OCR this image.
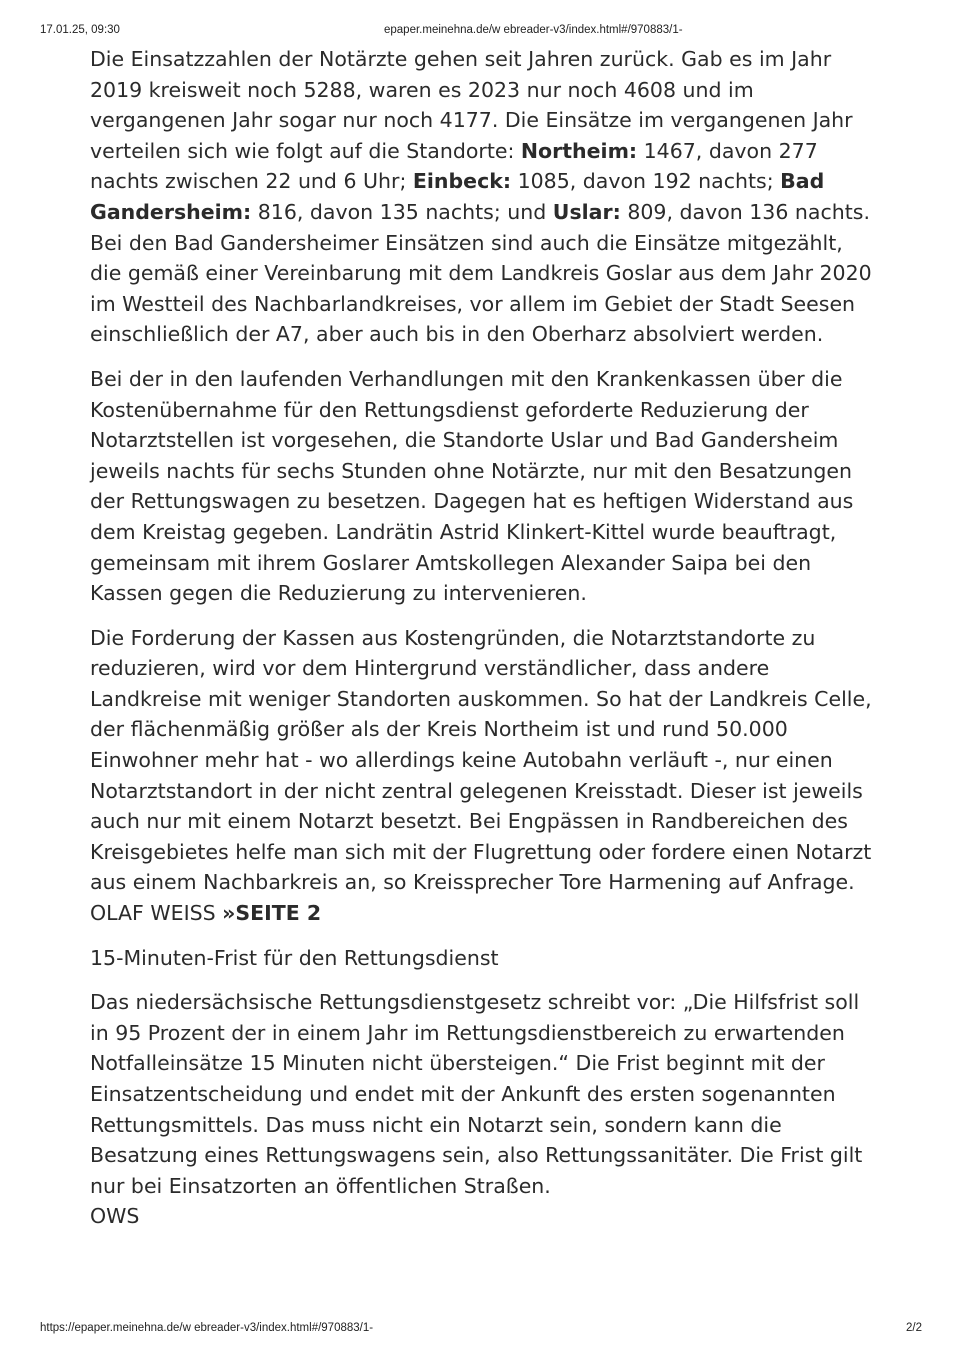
17.01.25, 09:30	epaper.meinehna.de/w ebreader-v3/index.html#/970883/1-

Die Einsatzzahlen der Notärzte gehen seit Jahren zurück. Gab es im Jahr 2019 kreisweit noch 5288, waren es 2023 nur noch 4608 und im vergangenen Jahr sogar nur noch 4177. Die Einsätze im vergangenen Jahr verteilen sich wie folgt auf die Standorte: Northeim: 1467, davon 277 nachts zwischen 22 und 6 Uhr; Einbeck: 1085, davon 192 nachts; Bad Gandersheim: 816, davon 135 nachts; und Uslar: 809, davon 136 nachts. Bei den Bad Gandersheimer Einsätzen sind auch die Einsätze mitgezählt, die gemäß einer Vereinbarung mit dem Landkreis Goslar aus dem Jahr 2020 im Westteil des Nachbarlandkreises, vor allem im Gebiet der Stadt Seesen einschließlich der A7, aber auch bis in den Oberharz absolviert werden.

Bei der in den laufenden Verhandlungen mit den Krankenkassen über die Kostenübernahme für den Rettungsdienst geforderte Reduzierung der Notarztstellen ist vorgesehen, die Standorte Uslar und Bad Gandersheim jeweils nachts für sechs Stunden ohne Notärzte, nur mit den Besatzungen der Rettungswagen zu besetzen. Dagegen hat es heftigen Widerstand aus dem Kreistag gegeben. Landrätin Astrid Klinkert-Kittel wurde beauftragt, gemeinsam mit ihrem Goslarer Amtskollegen Alexander Saipa bei den Kassen gegen die Reduzierung zu intervenieren.

Die Forderung der Kassen aus Kostengründen, die Notarztstandorte zu reduzieren, wird vor dem Hintergrund verständlicher, dass andere Landkreise mit weniger Standorten auskommen. So hat der Landkreis Celle, der flächenmäßig größer als der Kreis Northeim ist und rund 50.000 Einwohner mehr hat - wo allerdings keine Autobahn verläuft -, nur einen Notarztstandort in der nicht zentral gelegenen Kreisstadt. Dieser ist jeweils auch nur mit einem Notarzt besetzt. Bei Engpässen in Randbereichen des Kreisgebietes helfe man sich mit der Flugrettung oder fordere einen Notarzt aus einem Nachbarkreis an, so Kreissprecher Tore Harmening auf Anfrage.

OLAF WEISS »SEITE 2

15-Minuten-Frist für den Rettungsdienst

Das niedersächsische Rettungsdienstgesetz schreibt vor: „Die Hilfsfrist soll in 95 Prozent der in einem Jahr im Rettungsdienstbereich zu erwartenden Notfalleinsätze 15 Minuten nicht übersteigen.“ Die Frist beginnt mit der Einsatzentscheidung und endet mit der Ankunft des ersten sogenannten Rettungsmittels. Das muss nicht ein Notarzt sein, sondern kann die Besatzung eines Rettungswagens sein, also Rettungssanitäter. Die Frist gilt nur bei Einsatzorten an öffentlichen Straßen.

OWS

https://epaper.meinehna.de/w ebreader-v3/index.html#/970883/1-	2/2
